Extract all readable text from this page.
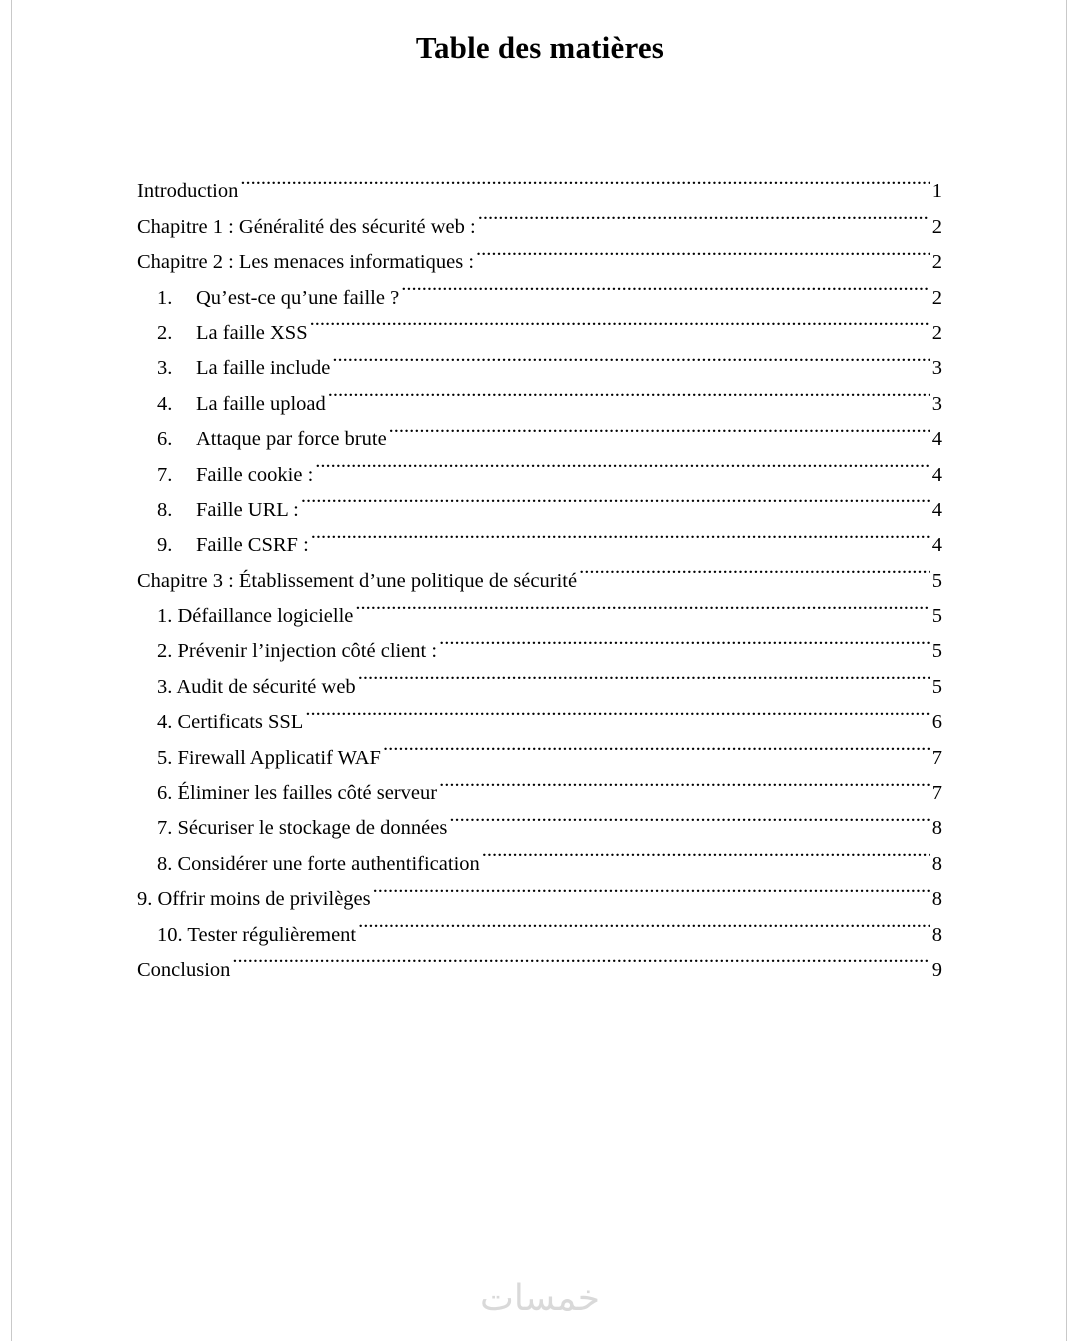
Table des matières
Introduction .....	1
Chapitre 1 : Généralité des sécurité web : .....	2
Chapitre 2 : Les menaces informatiques : .....	2
1.	Qu’est-ce qu’une faille ? .....	2
2.	La faille XSS .....	2
3.	La faille include .....	3
4.	La faille upload .....	3
6.	Attaque par force brute .....	4
7.	Faille cookie : .....	4
8.	Faille URL : .....	4
9.	Faille CSRF : .....	4
Chapitre 3 : Établissement d’une politique de sécurité .....	5
1. Défaillance logicielle .....	5
2. Prévenir l’injection côté client : .....	5
3. Audit de sécurité web .....	5
4. Certificats SSL .....	6
5. Firewall Applicatif WAF .....	7
6. Éliminer les failles côté serveur .....	7
7. Sécuriser le stockage de données .....	8
8. Considérer une forte authentification .....	8
9. Offrir moins de privilèges .....	8
10. Tester régulièrement .....	8
Conclusion .....	9
خمسات
